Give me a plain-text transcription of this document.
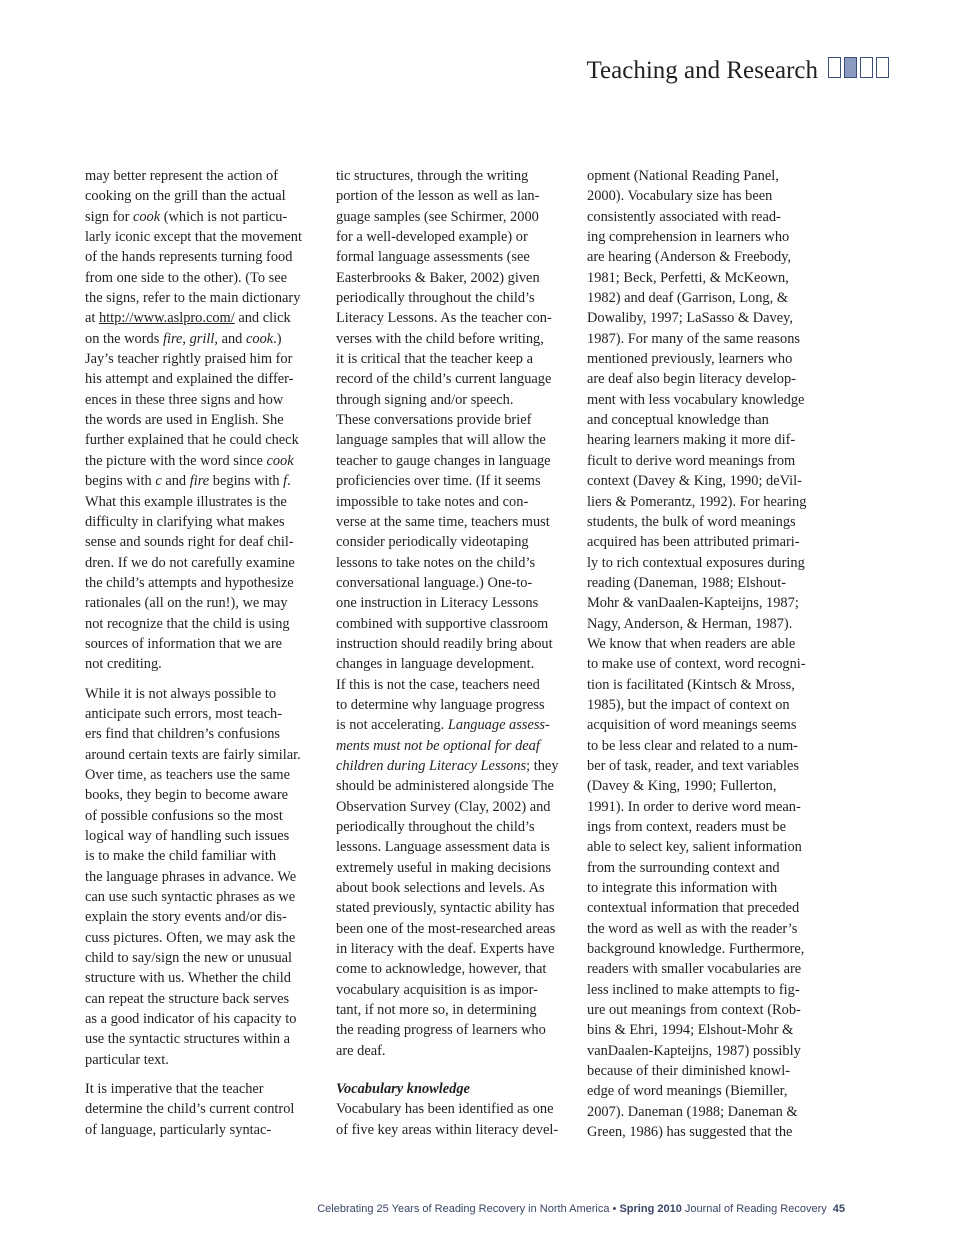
Teaching and Research
may better represent the action of
cooking on the grill than the actual
sign for cook (which is not particu-
larly iconic except that the movement
of the hands represents turning food
from one side to the other). (To see
the signs, refer to the main dictionary
at http://www.aslpro.com/ and click
on the words fire, grill, and cook.)
Jay’s teacher rightly praised him for
his attempt and explained the differ-
ences in these three signs and how
the words are used in English. She
further explained that he could check
the picture with the word since cook
begins with c and fire begins with f.
What this example illustrates is the
difficulty in clarifying what makes
sense and sounds right for deaf chil-
dren. If we do not carefully examine
the child’s attempts and hypothesize
rationales (all on the run!), we may
not recognize that the child is using
sources of information that we are
not crediting.
While it is not always possible to
anticipate such errors, most teach-
ers find that children’s confusions
around certain texts are fairly similar.
Over time, as teachers use the same
books, they begin to become aware
of possible confusions so the most
logical way of handling such issues
is to make the child familiar with
the language phrases in advance. We
can use such syntactic phrases as we
explain the story events and/or dis-
cuss pictures. Often, we may ask the
child to say/sign the new or unusual
structure with us. Whether the child
can repeat the structure back serves
as a good indicator of his capacity to
use the syntactic structures within a
particular text.
It is imperative that the teacher
determine the child’s current control
of language, particularly syntac-
tic structures, through the writing
portion of the lesson as well as lan-
guage samples (see Schirmer, 2000
for a well-developed example) or
formal language assessments (see
Easterbrooks & Baker, 2002) given
periodically throughout the child’s
Literacy Lessons. As the teacher con-
verses with the child before writing,
it is critical that the teacher keep a
record of the child’s current language
through signing and/or speech.
These conversations provide brief
language samples that will allow the
teacher to gauge changes in language
proficiencies over time. (If it seems
impossible to take notes and con-
verse at the same time, teachers must
consider periodically videotaping
lessons to take notes on the child’s
conversational language.) One-to-
one instruction in Literacy Lessons
combined with supportive classroom
instruction should readily bring about
changes in language development.
If this is not the case, teachers need
to determine why language progress
is not accelerating. Language assess-
ments must not be optional for deaf
children during Literacy Lessons; they
should be administered alongside The
Observation Survey (Clay, 2002) and
periodically throughout the child’s
lessons. Language assessment data is
extremely useful in making decisions
about book selections and levels. As
stated previously, syntactic ability has
been one of the most-researched areas
in literacy with the deaf. Experts have
come to acknowledge, however, that
vocabulary acquisition is as impor-
tant, if not more so, in determining
the reading progress of learners who
are deaf.
Vocabulary knowledge
Vocabulary has been identified as one
of five key areas within literacy devel-
opment (National Reading Panel,
2000). Vocabulary size has been
consistently associated with read-
ing comprehension in learners who
are hearing (Anderson & Freebody,
1981; Beck, Perfetti, & McKeown,
1982) and deaf (Garrison, Long, &
Dowaliby, 1997; LaSasso & Davey,
1987). For many of the same reasons
mentioned previously, learners who
are deaf also begin literacy develop-
ment with less vocabulary knowledge
and conceptual knowledge than
hearing learners making it more dif-
ficult to derive word meanings from
context (Davey & King, 1990; deVil-
liers & Pomerantz, 1992). For hearing
students, the bulk of word meanings
acquired has been attributed primari-
ly to rich contextual exposures during
reading (Daneman, 1988; Elshout-
Mohr & vanDaalen-Kapteijns, 1987;
Nagy, Anderson, & Herman, 1987).
We know that when readers are able
to make use of context, word recogni-
tion is facilitated (Kintsch & Mross,
1985), but the impact of context on
acquisition of word meanings seems
to be less clear and related to a num-
ber of task, reader, and text variables
(Davey & King, 1990; Fullerton,
1991). In order to derive word mean-
ings from context, readers must be
able to select key, salient information
from the surrounding context and
to integrate this information with
contextual information that preceded
the word as well as with the reader’s
background knowledge. Furthermore,
readers with smaller vocabularies are
less inclined to make attempts to fig-
ure out meanings from context (Rob-
bins & Ehri, 1994; Elshout-Mohr &
vanDaalen-Kapteijns, 1987) possibly
because of their diminished knowl-
edge of word meanings (Biemiller,
2007). Daneman (1988; Daneman &
Green, 1986) has suggested that the
Celebrating 25 Years of Reading Recovery in North America • Spring 2010 Journal of Reading Recovery 45
